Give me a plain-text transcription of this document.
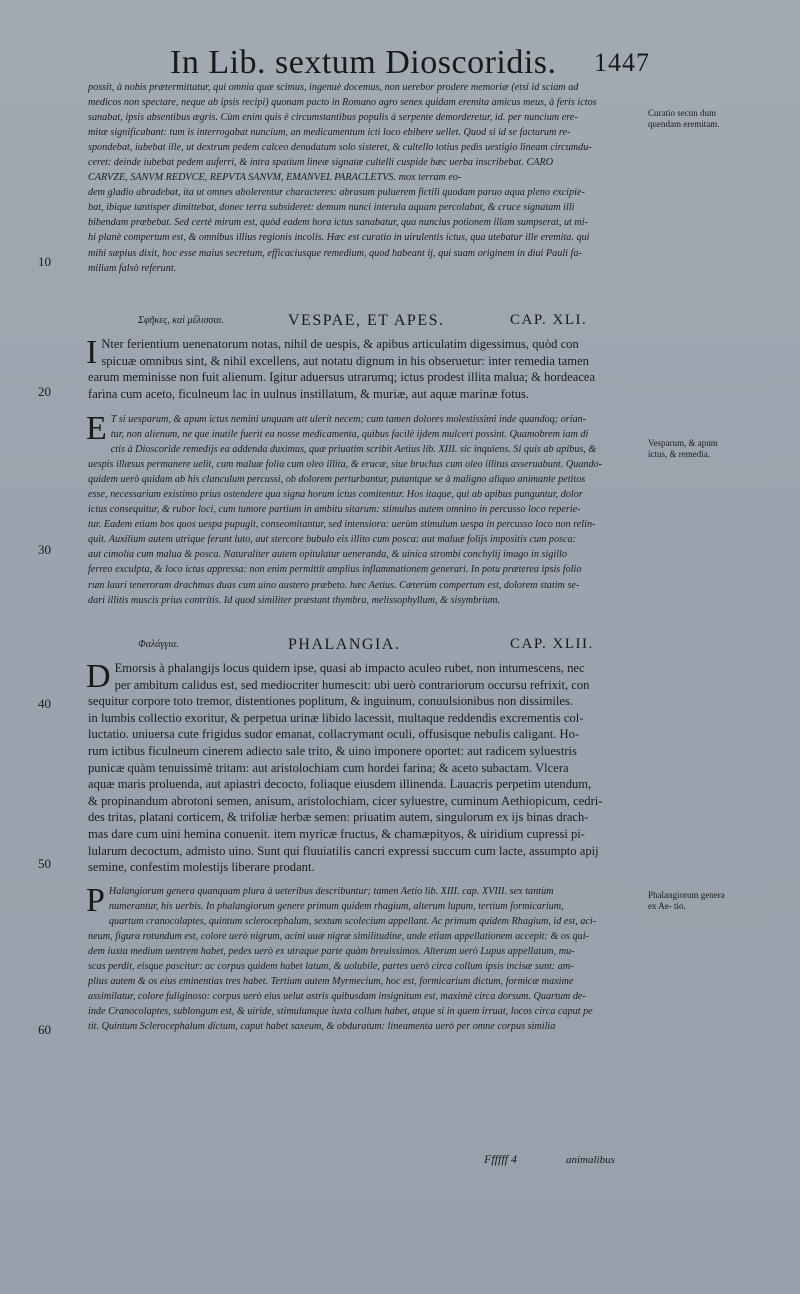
In Lib. sextum Dioscoridis. 1447
possit, à nobis prætermittatur, qui omnia quæ scimus, ingenuè docemus, non uerebor prodere memoriæ (etsi id sciam ad
medicos non spectare, neque ab ipsis recipi) quonam pacto in Romano agro senex quidam eremita amicus meus, à feris ictos
sanabat, ipsis absentibus ægris. Cùm enim quis è circumstantibus populis à serpente demorderetur, id. per nuncium ere-
mitæ significabant: tum is interrogabat nuncium, an medicamentum icti loco ebibere uellet. Quod si id se facturum re-
spondebat, iubebat ille, ut dextrum pedem calceo denudatum solo sisteret, & cultello totius pedis uestigio lineam circumdu-
ceret: deinde iubebat pedem auferri, & intra spatium lineæ signatæ cultelli cuspide hæc uerba inscribebat. CARO
CARVZE, SANVM REDVCE, REPVTA SANVM, EMANVEL PARACLETVS. mox terram eo-
dem gladio abradebat, ita ut omnes abolerentur characteres: abrasum puluerem fictili quodam paruo aqua pleno excipie-
bat, ibique tantisper dimittebat, donec terra subsideret: demum nunci interula aquam percolabat, & cruce signatam illi
bibendam præbebat. Sed certè mirum est, quòd eadem hora ictus sanabatur, qua nuncius potionem illam sumpserat, ut mi-
hi planè compertum est, & omnibus illius regionis incolis. Hæc est curatio in uirulentis ictus, qua utebatur ille eremita. qui
mihi sæpius dixit, hoc esse maius secretum, efficaciusque remedium, quod habeant ij, qui suam originem in diui Pauli fa-
miliam falsò referunt.
Σφῆκες, καὶ μέλισσαι.	VESPAE, ET APES.	CAP. XLI.
I Nter ferientium uenenatorum notas, nihil de uespis, & apibus articulatim digessimus, quòd con
spicuæ omnibus sint, & nihil excellens, aut notatu dignum in his obseruetur: inter remedia tamen
earum meminisse non fuit alienum. Igitur aduersus utrarumq; ictus prodest illita malua; & hordeacea
farina cum aceto, ficulneum lac in uulnus instillatum, & muriæ, aut aquæ marinæ fotus.
E T si uesparum, & apum ictus nemini unquam att ulerit necem; cum tamen dolores molestissimi inde quandoq; orian-
tur, non alienum, ne que inutile fuerit ea nosse medicamenta, quibus facilè ijdem mulceri possint. Quamobrem iam di
ctis à Dioscoride remedijs ea addenda duximus, quæ priuatim scribit Aetius lib. XIII. sic inquiens. Si quis ab apibus, &
uespis illæsus permanere uelit, cum maluæ folia cum oleo illita, & erucæ, siue bruchus cum oleo illitus asseruabunt. Quando-
quidem uerò quidam ab his clanculum percussi, ob dolorem perturbantur, putantque se à maligno aliquo animante petitos
esse, necessarium existimo prius ostendere qua signa horum ictus comitentur. Hos itaque, qui ab apibus punguntur, dolor
ictus consequitur, & rubor loci, cum tumore partium in ambitu sitarum: stimulus autem omnino in percusso loco reperie-
tur. Eadem etiam bos quos uespa pupugit, conseomitantur, sed intensiora: uerùm stimulum uespa in percusso loco non relin-
quit. Auxilium autem utrique ferunt luto, aut stercore bubulo eis illito cum posca: aut maluæ folijs impositis cum posca:
aut cimolia cum malua & posca. Naturaliter autem opitulatur ueneranda, & uinica strombi conchylij imago in sigillo
ferreo exculpta, & loco ictus appressa: non enim permittit amplius inflammationem generari. In potu præterea ipsis folio
rum lauri tenerorum drachmas duas cum uino austero præbeto. hæc Aetius. Cæterùm compertum est, dolorem statim se-
dari illitis muscis prius contritis. Id quod similiter præstant thymbra, melissophyllum, & sisymbrium.
Φαλάγγια.	PHALANGIA.	CAP. XLII.
D Emorsis à phalangijs locus quidem ipse, quasi ab impacto aculeo rubet, non intumescens, nec
per ambitum calidus est, sed mediocriter humescit: ubi uerò contrariorum occursu refrixit, con
sequitur corpore toto tremor, distentiones poplitum, & inguinum, conuulsionibus non dissimiles.
in lumbis collectio exoritur, & perpetua urinæ libido lacessit, multaque reddendis excrementis col-
luctatio. uniuersa cute frigidus sudor emanat, collacrymant oculi, offusisque nebulis caligant. Ho-
rum ictibus ficulneum cinerem adiecto sale trito, & uino imponere oportet: aut radicem syluestris
punicæ quàm tenuissimè tritam: aut aristolochiam cum hordei farina; & aceto subactam. Vlcera
aquæ maris proluenda, aut apiastri decocto, foliaque eiusdem illinenda. Lauacris perpetim utendum,
& propinandum abrotoni semen, anisum, aristolochiam, cicer syluestre, cuminum Aethiopicum, cedri-
des tritas, platani corticem, & trifoliæ herbæ semen: priuatim autem, singulorum ex ijs binas drach-
mas dare cum uini hemina conuenit. item myricæ fructus, & chamæpityos, & uiridium cupressi pi-
lularum decoctum, admisto uino. Sunt qui fluuiatilis cancri expressi succum cum lacte, assumpto apij
semine, confestim molestijs liberare prodant.
P Halangiorum genera quanquam plura à ueteribus describuntur; tamen Aetio lib. XIII. cap. XVIII. sex tantùm
numerantur, his uerbis. In phalangiorum genere primum quidem rhagium, alterum lupum, tertium formicarium,
quartum cranocolaptes, quintum sclerocephalum, sextum scolecium appellant. Ac primum quidem Rhagium, id est, aci-
neum, figura rotundum est, colore uerò nigrum, acini uuæ nigræ similitudine, unde etiam appellationem accepit: & os qui-
dem iuxta medium uentrem habet, pedes uerò ex utraque parte quàm breuissimos. Alterum uerò Lupus appellatum, mu-
scas perdit, eisque pascitur: ac corpus quidem habet latum, & uolubile, partes uerò circa collum ipsis incisæ sunt: am-
plius autem & os eius eminentias tres habet. Tertium autem Myrmecium, hoc est, formicarium dictum, formicæ maxime
assimilatur, colore fuliginoso: corpus uerò eius uelut astris quibusdam insignitum est, maximè circa dorsum. Quartum de-
inde Cranocolaptes, sublongum est, & uiride, stimulumque iuxta collum habet, atque si in quem irruat, locos circa caput pe
tit. Quintum Sclerocephalum dictum, caput habet saxeum, & obduratum: lineamenta uerò per omne corpus similia
Curatio secun dum quendam eremitam.
Vesparum, & apum ictus, & remedia.
Phalangiorum genera ex Ae- tio.
10
20
30
40
50
60
Ffffff 4	animalibus
